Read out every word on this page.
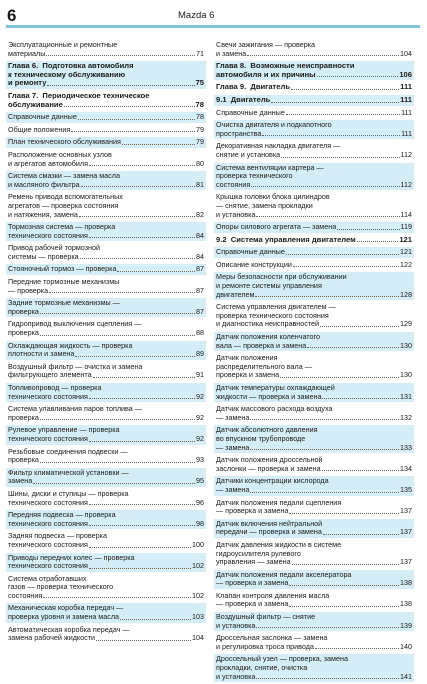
6	Mazda 6
Эксплуатационные и ремонтные
материалы	71
Глава 6.  Подготовка автомобиля
к техническому обслуживанию
и ремонту	75
Глава 7.  Периодическое техническое
обслуживание	78
Справочные данные	78
Общие положения	79
План технического обслуживания	79
Расположение основных узлов
и агрегатов автомобиля	80
Система смазки — замена масла
и масляного фильтра	81
Ремень привода вспомогательных
агрегатов — проверка состояния
и натяжения, замена	82
Тормозная система — проверка
технического состояния	84
Привод рабочей тормозной
системы — проверка	84
Стояночный тормоз — проверка	87
Передние тормозные механизмы
— проверка	87
Задние тормозные механизмы —
проверка	87
Гидропривод выключения сцепления —
проверка	88
Охлаждающая жидкость — проверка
плотности и замена	89
Воздушный фильтр — очистка и замена
фильтрующего элемента	91
Топливопровод — проверка
технического состояния	92
Система улавливания паров топлива —
проверка	92
Рулевое управление — проверка
технического состояния	92
Резьбовые соединения подвески —
проверка	93
Фильтр климатической установки —
замена	95
Шины, диски и ступицы — проверка
технического состояния	96
Передняя подвеска — проверка
технического состояния	98
Задняя подвеска — проверка
технического состояния	100
Приводы передних колес — проверка
технического состояния	102
Система отработавших
газов — проверка технического
состояния	102
Механическая коробка передач —
проверка уровня и замена масла	103
Автоматическая коробка передач —
замена рабочей жидкости	104
Свечи зажигания — проверка
и замена	104
Глава 8.  Возможные неисправности
автомобиля и их причины	106
Глава 9.  Двигатель	111
9.1  Двигатель	111
Справочные данные	111
Очистка двигателя и подкапотного
пространства	111
Декоративная накладка двигателя —
снятие и установка	112
Система вентиляции картера —
проверка технического
состояния	112
Крышка головки блока цилиндров
— снятие, замена прокладки
и установка	114
Опоры силового агрегата — замена	119
9.2  Система управления двигателем	121
Справочные данные	121
Описание конструкции	122
Меры безопасности при обслуживании
и ремонте системы управления
двигателем	128
Система управления двигателем —
проверка технического состояния
и диагностика неисправностей	129
Датчик положения коленчатого
вала — проверка и замена	130
Датчик положения
распределительного вала —
проверка и замена	130
Датчик температуры охлаждающей
жидкости — проверка и замена	131
Датчик массового расхода воздуха
— замена	132
Датчик абсолютного давления
во впускном трубопроводе
— замена	133
Датчик положения дроссельной
заслонки — проверка и замена	134
Датчики концентрации кислорода
— замена	135
Датчик положения педали сцепления
— проверка и замена	137
Датчик включения нейтральной
передачи — проверка и замена	137
Датчик давления жидкости в системе
гидроусилителя рулевого
управления — замена	137
Датчик положения педали акселератора
— проверка и замена	138
Клапан контроля давления масла
— проверка и замена	138
Воздушный фильтр — снятие
и установка	139
Дроссельная заслонка — замена
и регулировка троса привода	140
Дроссельный узел — проверка, замена
прокладки, снятие, очистка
и установка	141
